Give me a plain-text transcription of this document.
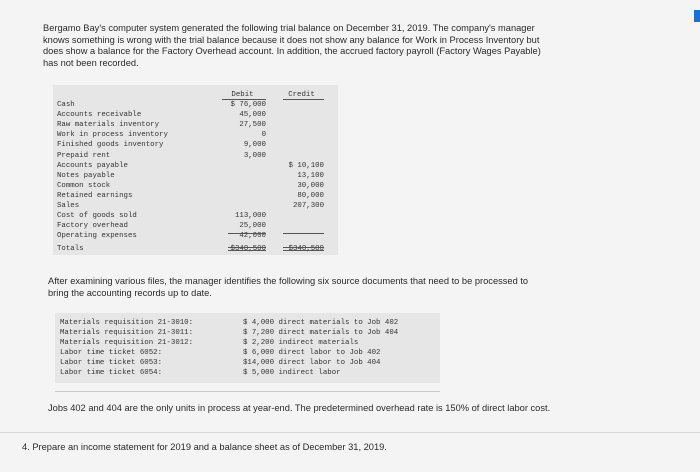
Bergamo Bay's computer system generated the following trial balance on December 31, 2019. The company's manager
knows something is wrong with the trial balance because it does not show any balance for Work in Process Inventory but
does show a balance for the Factory Overhead account. In addition, the accrued factory payroll (Factory Wages Payable)
has not been recorded.

Cash
Accounts receivable
Raw materials inventory
Work in process inventory
Finished goods inventory
Prepaid rent
Accounts payable
Notes payable
Common stock
Retained earnings
Sales
Cost of goods sold
Factory overhead
Operating expenses
Totals
Debit
$ 76,000
45,000
27,500
0
9,000
3,000
113,000
25,000
42,000
$340,500
Credit
$ 10,100
13,100
30,000
80,000
207,300
$340,500
After examining various files, the manager identifies the following six source documents that need to be processed to
bring the accounting records up to date.
Materials requisition 21-3010:
Materials requisition 21-3011:
Materials requisition 21-3012:
Labor time ticket 6052:
Labor time ticket 6053:
Labor time ticket 6054:
$ 4,000 direct materials to Job 402
$ 7,200 direct materials to Job 404
$ 2,200 indirect materials
$ 6,000 direct labor to Job 402
$14,000 direct labor to Job 404
$ 5,000 indirect labor
Jobs 402 and 404 are the only units in process at year-end. The predetermined overhead rate is 150% of direct labor cost.
4. Prepare an income statement for 2019 and a balance sheet as of December 31, 2019.
